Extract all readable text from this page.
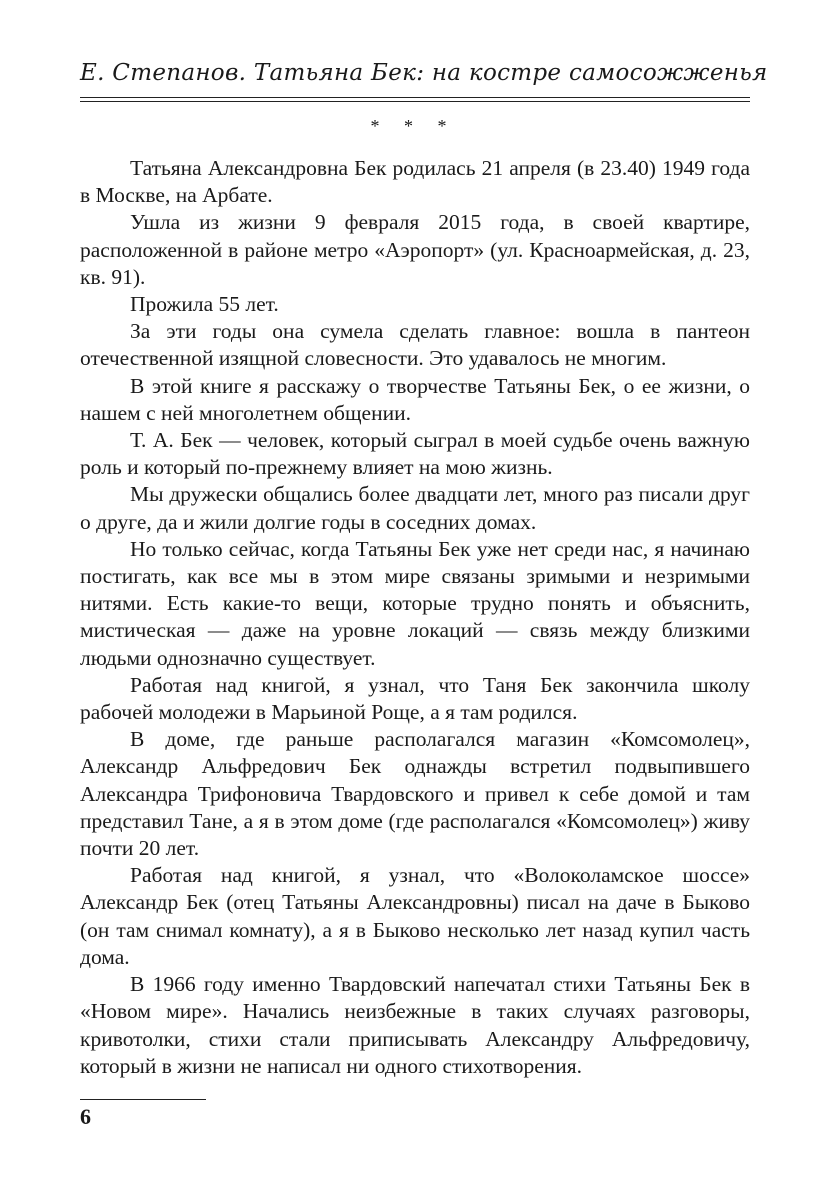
Е. Степанов. Татьяна Бек: на костре самосожженья
* * *

Татьяна Александровна Бек родилась 21 апреля (в 23.40) 1949 года в Москве, на Арбате.

Ушла из жизни 9 февраля 2015 года, в своей квартире, расположенной в районе метро «Аэропорт» (ул. Красноармейская, д. 23, кв. 91).

Прожила 55 лет.

За эти годы она сумела сделать главное: вошла в пантеон отечественной изящной словесности. Это удавалось не многим.

В этой книге я расскажу о творчестве Татьяны Бек, о ее жизни, о нашем с ней многолетнем общении.

Т. А. Бек — человек, который сыграл в моей судьбе очень важную роль и который по-прежнему влияет на мою жизнь.

Мы дружески общались более двадцати лет, много раз писали друг о друге, да и жили долгие годы в соседних домах.

Но только сейчас, когда Татьяны Бек уже нет среди нас, я начинаю постигать, как все мы в этом мире связаны зримыми и незримыми нитями. Есть какие-то вещи, которые трудно понять и объяснить, мистическая — даже на уровне локаций — связь между близкими людьми однозначно существует.

Работая над книгой, я узнал, что Таня Бек закончила школу рабочей молодежи в Марьиной Роще, а я там родился.

В доме, где раньше располагался магазин «Комсомолец», Александр Альфредович Бек однажды встретил подвыпившего Александра Трифоновича Твардовского и привел к себе домой и там представил Тане, а я в этом доме (где располагался «Комсомолец») живу почти 20 лет.

Работая над книгой, я узнал, что «Волоколамское шоссе» Александр Бек (отец Татьяны Александровны) писал на даче в Быково (он там снимал комнату), а я в Быково несколько лет назад купил часть дома.

В 1966 году именно Твардовский напечатал стихи Татьяны Бек в «Новом мире». Начались неизбежные в таких случаях разговоры, кривотолки, стихи стали приписывать Александру Альфредовичу, который в жизни не написал ни одного стихотворения.

6
